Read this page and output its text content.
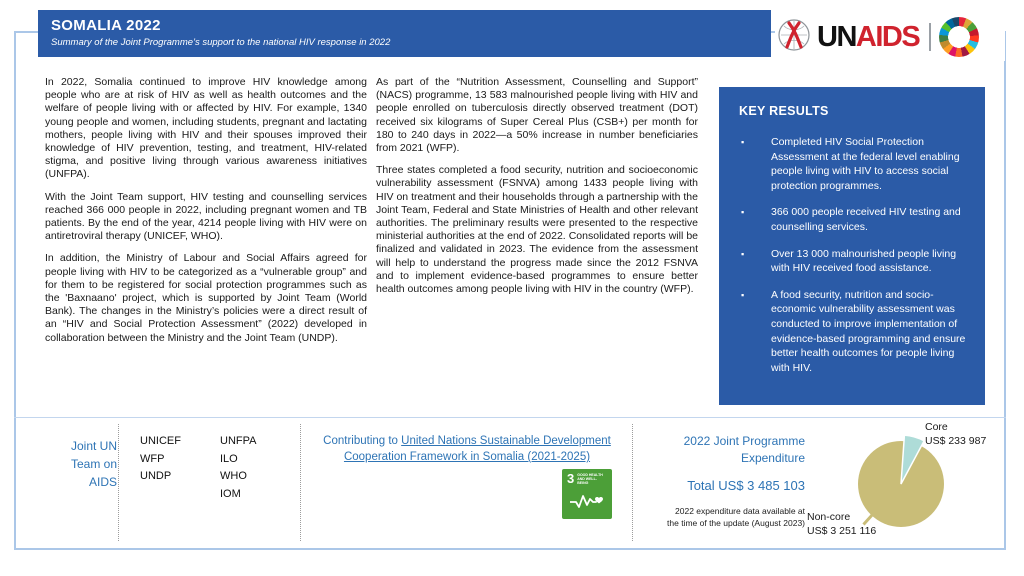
SOMALIA 2022
Summary of the Joint Programme’s support to the national HIV response in 2022	UNAIDS

In 2022, Somalia continued to improve HIV knowledge among people who are at risk of HIV as well as health outcomes and the welfare of people living with or affected by HIV. For example, 1340 young people and women, including students, pregnant and lactating mothers, people living with HIV and their spouses improved their knowledge of HIV prevention, testing, and treatment, HIV-related stigma, and positive living through various awareness initiatives (UNFPA).

With the Joint Team support, HIV testing and counselling services reached 366 000 people in 2022, including pregnant women and TB patients. By the end of the year, 4214 people living with HIV were on antiretroviral therapy (UNICEF, WHO).

In addition, the Ministry of Labour and Social Affairs agreed for people living with HIV to be categorized as a “vulnerable group” and for them to be registered for social protection programmes such as the 'Baxnaano' project, which is supported by Joint Team (World Bank). The changes in the Ministry’s policies were a direct result of an “HIV and Social Protection Assessment” (2022) developed in collaboration between the Ministry and the Joint Team (UNDP).

As part of the “Nutrition Assessment, Counselling and Support” (NACS) programme, 13 583 malnourished people living with HIV and people enrolled on tuberculosis directly observed treatment (DOT) received six kilograms of Super Cereal Plus (CSB+) per month for 180 to 240 days in 2022—a 50% increase in number beneficiaries from 2021 (WFP).

Three states completed a food security, nutrition and socioeconomic vulnerability assessment (FSNVA) among 1433 people living with HIV on treatment and their households through a partnership with the Joint Team, Federal and State Ministries of Health and other relevant authorities. The preliminary results were presented to the respective ministerial authorities at the end of 2022. Consolidated reports will be finalized and validated in 2023. The evidence from the assessment will help to understand the progress made since the 2012 FSNVA and to implement evidence-based programmes to ensure better health outcomes among people living with HIV in the country (WFP).

KEY RESULTS
▪ Completed HIV Social Protection Assessment at the federal level enabling people living with HIV to access social protection programmes.
▪ 366 000 people received HIV testing and counselling services.
▪ Over 13 000 malnourished people living with HIV received food assistance.
▪ A food security, nutrition and socio-economic vulnerability assessment was conducted to improve implementation of evidence-based programming and ensure better health outcomes for people living with HIV.
Joint UN Team on AIDS
UNICEF
WFP
UNDP
UNFPA
ILO
WHO
IOM
Contributing to United Nations Sustainable Development Cooperation Framework in Somalia (2021-2025)
3 GOOD HEALTH AND WELL-BEING
2022 Joint Programme Expenditure
Total US$ 3 485 103
2022 expenditure data available at the time of the update (August 2023)
Core
US$ 233 987
Non-core
US$ 3 251 116
